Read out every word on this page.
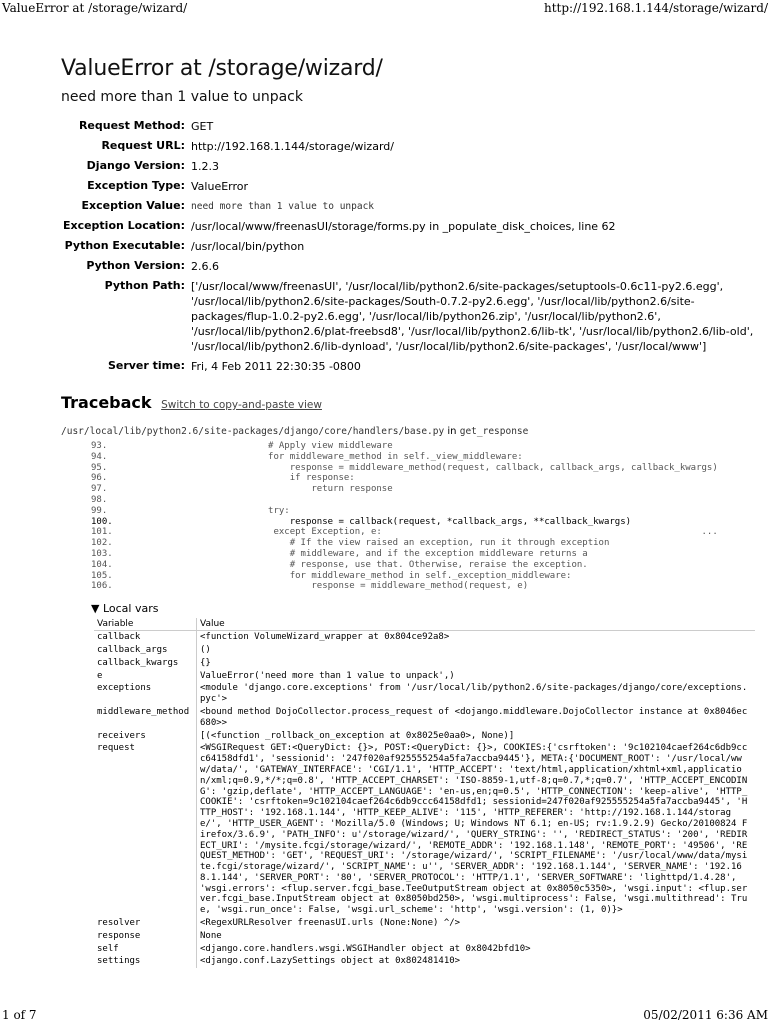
ValueError at /storage/wizard/	http://192.168.1.144/storage/wizard/
ValueError at /storage/wizard/
need more than 1 value to unpack
Request Method:	GET
Request URL:	http://192.168.1.144/storage/wizard/
Django Version:	1.2.3
Exception Type:	ValueError
Exception Value:	need more than 1 value to unpack
Exception Location:	/usr/local/www/freenasUI/storage/forms.py in _populate_disk_choices, line 62
Python Executable:	/usr/local/bin/python
Python Version:	2.6.6
Python Path:	['/usr/local/www/freenasUI', '/usr/local/lib/python2.6/site-packages/setuptools-0.6c11-py2.6.egg', '/usr/local/lib/python2.6/site-packages/South-0.7.2-py2.6.egg', '/usr/local/lib/python2.6/site-packages/flup-1.0.2-py2.6.egg', '/usr/local/lib/python26.zip', '/usr/local/lib/python2.6', '/usr/local/lib/python2.6/plat-freebsd8', '/usr/local/lib/python2.6/lib-tk', '/usr/local/lib/python2.6/lib-old', '/usr/local/lib/python2.6/lib-dynload', '/usr/local/lib/python2.6/site-packages', '/usr/local/www']
Server time:	Fri, 4 Feb 2011 22:30:35 -0800
Traceback Switch to copy-and-paste view
/usr/local/lib/python2.6/site-packages/django/core/handlers/base.py in get_response
93.	# Apply view middleware
94.	for middleware_method in self._view_middleware:
95.	response = middleware_method(request, callback, callback_args, callback_kwargs)
96.	if response:
97.	return response
98.
99.	try:
100.	response = callback(request, *callback_args, **callback_kwargs)
101.	except Exception, e:                                                           ...
102.	# If the view raised an exception, run it through exception
103.	# middleware, and if the exception middleware returns a
104.	# response, use that. Otherwise, reraise the exception.
105.	for middleware_method in self._exception_middleware:
106.	response = middleware_method(request, e)
▼ Local vars
Variable	Value
callback	<function VolumeWizard_wrapper at 0x804ce92a8>
callback_args	()
callback_kwargs	{}
e	ValueError('need more than 1 value to unpack',)
exceptions	<module 'django.core.exceptions' from '/usr/local/lib/python2.6/site-packages/django/core/exceptions.pyc'>
middleware_method	<bound method DojoCollector.process_request of <dojango.middleware.DojoCollector instance at 0x8046ec680>>
receivers	[(<function _rollback_on_exception at 0x8025e0aa0>, None)]
request	<WSGIRequest GET:<QueryDict: {}>, POST:<QueryDict: {}>, COOKIES:{'csrftoken': '9c102104caef264c6db9ccc64158dfd1', 'sessionid': '247f020af925555254a5fa7accba9445'}, META:{'DOCUMENT_ROOT': '/usr/local/www/data/', 'GATEWAY_INTERFACE': 'CGI/1.1', 'HTTP_ACCEPT': 'text/html,application/xhtml+xml,application/xml;q=0.9,*/*;q=0.8', 'HTTP_ACCEPT_CHARSET': 'ISO-8859-1,utf-8;q=0.7,*;q=0.7', 'HTTP_ACCEPT_ENCODING': 'gzip,deflate', 'HTTP_ACCEPT_LANGUAGE': 'en-us,en;q=0.5', 'HTTP_CONNECTION': 'keep-alive', 'HTTP_COOKIE': 'csrftoken=9c102104caef264c6db9ccc64158dfd1; sessionid=247f020af925555254a5fa7accba9445', 'HTTP_HOST': '192.168.1.144', 'HTTP_KEEP_ALIVE': '115', 'HTTP_REFERER': 'http://192.168.1.144/storage/', 'HTTP_USER_AGENT': 'Mozilla/5.0 (Windows; U; Windows NT 6.1; en-US; rv:1.9.2.9) Gecko/20100824 Firefox/3.6.9', 'PATH_INFO': u'/storage/wizard/', 'QUERY_STRING': '', 'REDIRECT_STATUS': '200', 'REDIRECT_URI': '/mysite.fcgi/storage/wizard/', 'REMOTE_ADDR': '192.168.1.148', 'REMOTE_PORT': '49506', 'REQUEST_METHOD': 'GET', 'REQUEST_URI': '/storage/wizard/', 'SCRIPT_FILENAME': '/usr/local/www/data/mysite.fcgi/storage/wizard/', 'SCRIPT_NAME': u'', 'SERVER_ADDR': '192.168.1.144', 'SERVER_NAME': '192.168.1.144', 'SERVER_PORT': '80', 'SERVER_PROTOCOL': 'HTTP/1.1', 'SERVER_SOFTWARE': 'lighttpd/1.4.28', 'wsgi.errors': <flup.server.fcgi_base.TeeOutputStream object at 0x8050c5350>, 'wsgi.input': <flup.server.fcgi_base.InputStream object at 0x8050bd250>, 'wsgi.multiprocess': False, 'wsgi.multithread': True, 'wsgi.run_once': False, 'wsgi.url_scheme': 'http', 'wsgi.version': (1, 0)}>
resolver	<RegexURLResolver freenasUI.urls (None:None) ^/>
response	None
self	<django.core.handlers.wsgi.WSGIHandler object at 0x8042bfd10>
settings	<django.conf.LazySettings object at 0x802481410>
1 of 7	05/02/2011 6:36 AM
